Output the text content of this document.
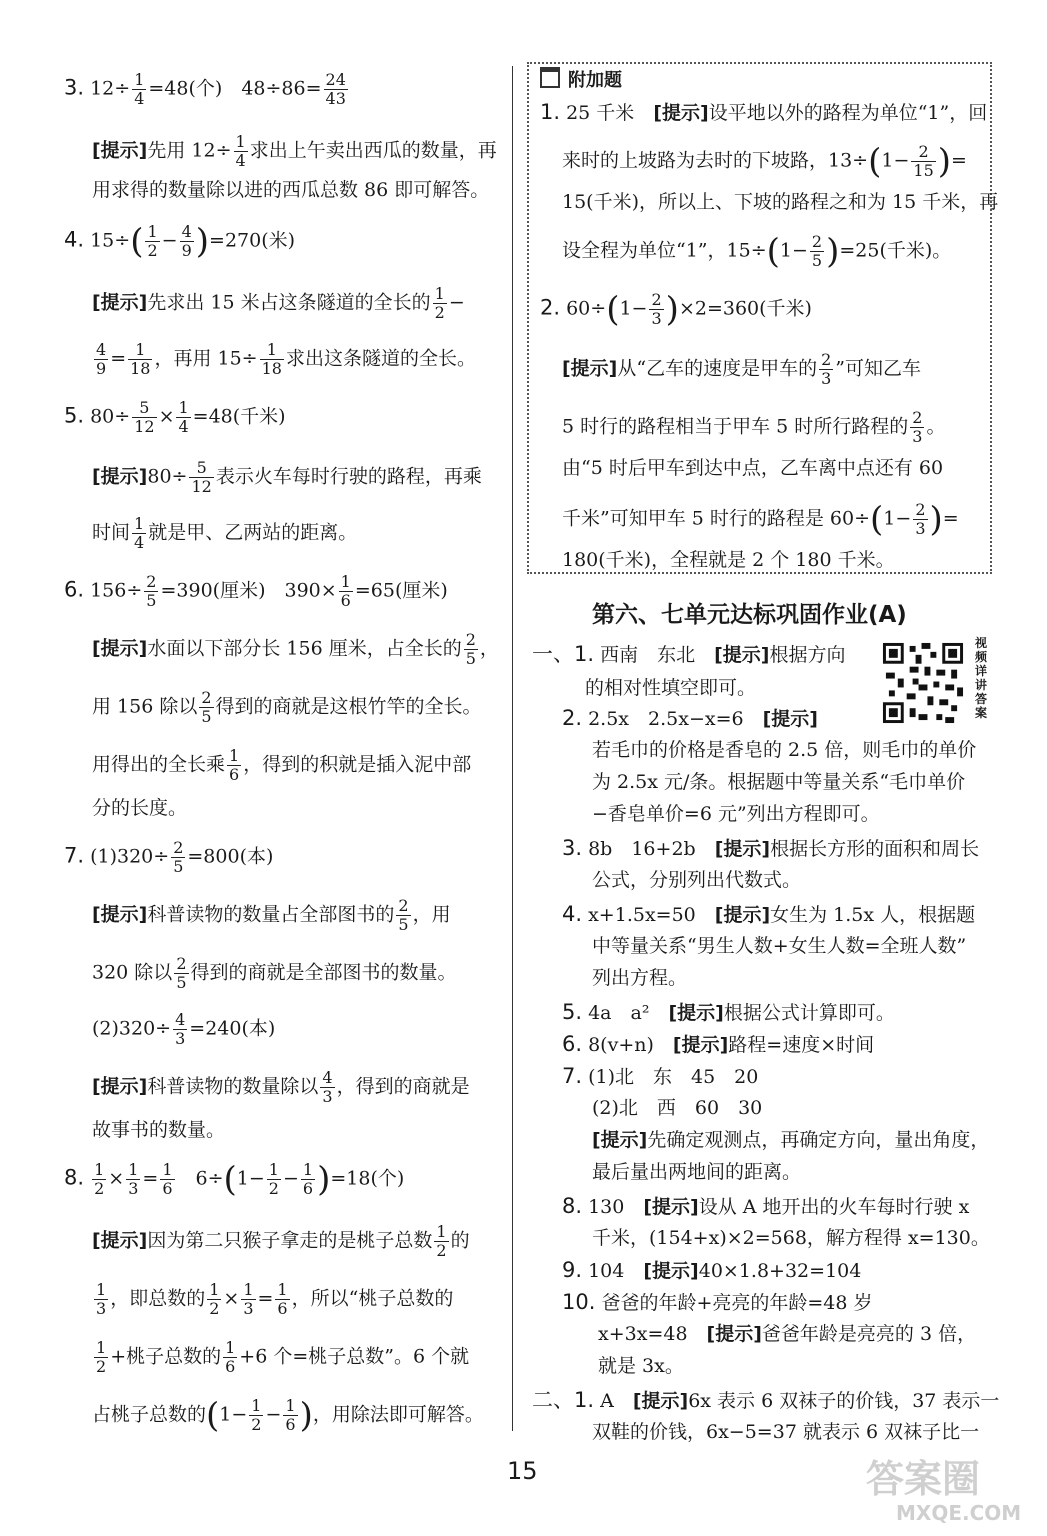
3. $12\div \frac{1}{4} =48$(个)　$48\div 86= \frac{24}{43}$
[提示]先用 $12\div \frac{1}{4}$ 求出上午卖出西瓜的数量，再
用求得的数量除以进的西瓜总数 86 即可解答。
4. $15\div( \frac{1}{2} - \frac{4}{9} )=270$(米)
[提示]先求出 15 米占这条隧道的全长的 $\frac{1}{2}$ −
$\frac{4}{9} = \frac{1}{18}$ ，再用 $15\div \frac{1}{18}$ 求出这条隧道的全长。
5. $80\div \frac{5}{12} \times \frac{1}{4} =48$(千米)
[提示]$80\div \frac{5}{12}$ 表示火车每时行驶的路程，再乘
时间 $\frac{1}{4}$ 就是甲、乙两站的距离。
6. $156\div \frac{2}{5} =390$(厘米)　$390\times \frac{1}{6} =65$(厘米)
[提示]水面以下部分长 156 厘米，占全长的 $\frac{2}{5}$ ，
用 156 除以 $\frac{2}{5}$ 得到的商就是这根竹竿的全长。
用得出的全长乘 $\frac{1}{6}$ ，得到的积就是插入泥中部
分的长度。
7. $(1)320\div \frac{2}{5} =800$(本)
[提示]科普读物的数量占全部图书的 $\frac{2}{5}$ ，用
320 除以 $\frac{2}{5}$ 得到的商就是全部图书的数量。
$(2)320\div \frac{4}{3} =240$(本)
[提示]科普读物的数量除以 $\frac{4}{3}$ ，得到的商就是
故事书的数量。
8. $\frac{1}{2} \times \frac{1}{3} = \frac{1}{6}$ 　$6\div(1- \frac{1}{2} - \frac{1}{6} )=18$(个)
[提示]因为第二只猴子拿走的是桃子总数 $\frac{1}{2}$ 的
$\frac{1}{3}$ ，即总数的 $\frac{1}{2} \times \frac{1}{3} = \frac{1}{6}$ ，所以“桃子总数的
$\frac{1}{2}$ +桃子总数的 $\frac{1}{6} +6$ 个=桃子总数”。6 个就
占桃子总数的($1- \frac{1}{2} - \frac{1}{6}$ )，用除法即可解答。
附加题
1. 25 千米　[提示]设平地以外的路程为单位“1”，回
来时的上坡路为去时的下坡路，$13\div(1- \frac{2}{15}$ )=
15(千米)，所以上、下坡的路程之和为 15 千米，再
设全程为单位“1”，$15\div(1- \frac{2}{5} )=25$(千米)。
2. $60\div(1- \frac{2}{3} )\times 2=360$(千米)
[提示]从“乙车的速度是甲车的 $\frac{2}{3}$ ”可知乙车
5 时行的路程相当于甲车 5 时所行路程的 $\frac{2}{3}$ 。
由“5 时后甲车到达中点，乙车离中点还有 60
千米”可知甲车 5 时行的路程是 $60\div(1- \frac{2}{3}$ )=
180(千米)，全程就是 2 个 180 千米。
第六、七单元达标巩固作业(A)
视频详讲答案
一、1. 西南　东北　[提示]根据方向
的相对性填空即可。
2. 2.5x　2.5x−x=6　[提示]
若毛巾的价格是香皂的 2.5 倍，则毛巾的单价
为 2.5x 元/条。根据题中等量关系“毛巾单价
−香皂单价=6 元”列出方程即可。
3. 8b　16+2b　[提示]根据长方形的面积和周长
公式，分别列出代数式。
4. x+1.5x=50　[提示]女生为 1.5x 人，根据题
中等量关系“男生人数+女生人数=全班人数”
列出方程。
5. 4a　a²　[提示]根据公式计算即可。
6. 8(v+n)　[提示]路程=速度×时间
7. (1)北　东　45　20
(2)北　西　60　30
[提示]先确定观测点，再确定方向，量出角度，
最后量出两地间的距离。
8. 130　[提示]设从 A 地开出的火车每时行驶 x
千米，(154+x)×2=568，解方程得 x=130。
9. 104　[提示]40×1.8+32=104
10. 爸爸的年龄+亮亮的年龄=48 岁
x+3x=48　[提示]爸爸年龄是亮亮的 3 倍，
就是 3x。
二、1. A　[提示]6x 表示 6 双袜子的价钱，37 表示一
双鞋的价钱，6x−5=37 就表示 6 双袜子比一
15	答案圈
MXQE.COM
